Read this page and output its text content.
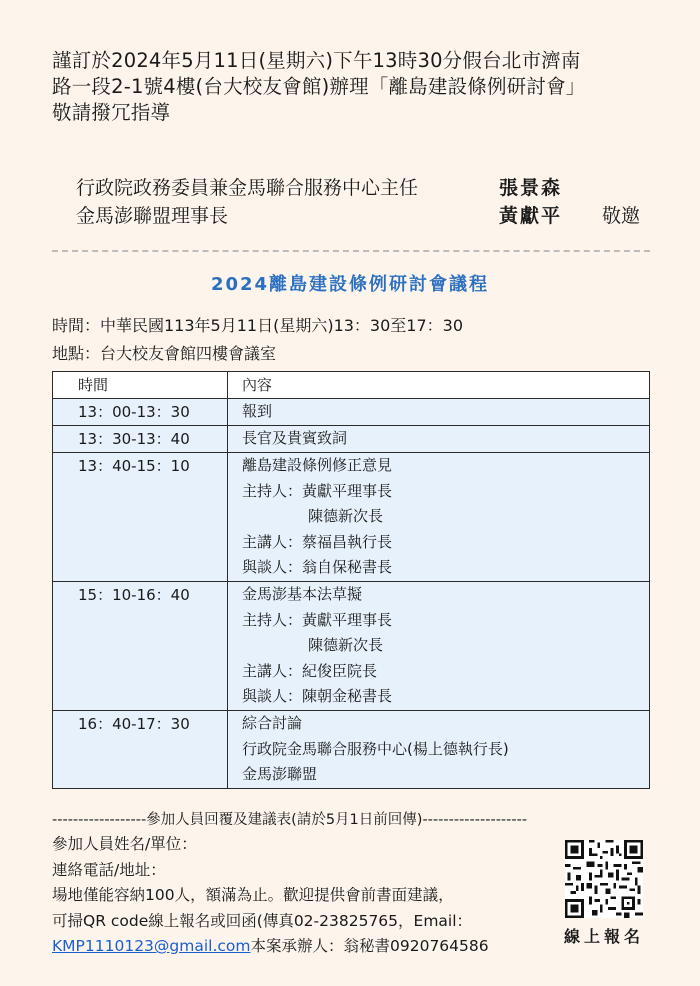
謹訂於2024年5月11日(星期六)下午13時30分假台北市濟南
路一段2-1號4樓(台大校友會館)辦理「離島建設條例研討會」
敬請撥冗指導
行政院政務委員兼金馬聯合服務中心主任	張景森
金馬澎聯盟理事長	黃獻平 敬邀
2024離島建設條例研討會議程
時間：中華民國113年5月11日(星期六)13：30至17：30
地點：台大校友會館四樓會議室
時間	內容
13：00-13：30	報到

13：30-13：40	長官及貴賓致詞

13：40-15：10	離島建設條例修正意見
主持人：黃獻平理事長
陳德新次長
主講人：蔡福昌執行長
與談人：翁自保秘書長

15：10-16：40	金馬澎基本法草擬
主持人：黃獻平理事長
陳德新次長
主講人：紀俊臣院長
與談人：陳朝金秘書長

16：40-17：30	綜合討論
行政院金馬聯合服務中心(楊上德執行長)
金馬澎聯盟
------------------參加人員回覆及建議表(請於5月1日前回傳)--------------------
參加人員姓名/單位：
連絡電話/地址：
場地僅能容納100人，額滿為止。歡迎提供會前書面建議，
可掃QR code線上報名或回函(傳真02-23825765，Email：
KMP1110123@gmail.com本案承辦人：翁秘書0920764586	線上報名
